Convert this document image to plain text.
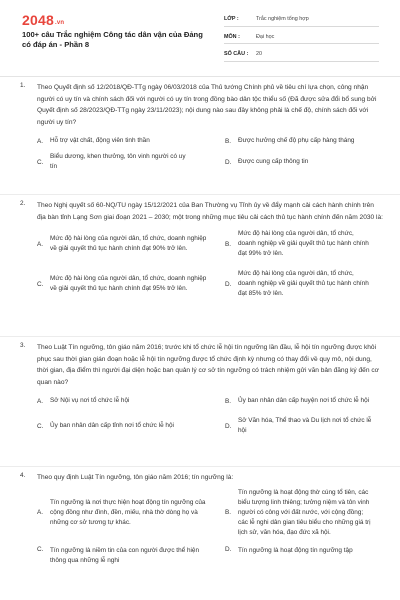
2048.vn
100+ câu Trắc nghiệm Công tác dân vận của Đảng có đáp án - Phần 8
LỚP :	Trắc nghiệm tổng hợp
MÔN :	Đại học
SỐ CÂU :	20
1. Theo Quyết định số 12/2018/QĐ-TTg ngày 06/03/2018 của Thủ tướng Chính phủ về tiêu chí lựa chọn, công nhận người có uy tín và chính sách đối với người có uy tín trong đồng bào dân tộc thiểu số (Đã được sửa đổi bổ sung bởi Quyết định số 28/2023/QĐ-TTg ngày 23/11/2023); nội dung nào sau đây không phải là chế độ, chính sách đối với người uy tín?
A.	Hỗ trợ vật chất, động viên tinh thần	B.	Được hưởng chế độ phụ cấp hàng tháng
C.
Biểu dương, khen thưởng, tôn vinh người có uy tín
D.	Được cung cấp thông tin
2. Theo Nghị quyết số 60-NQ/TU ngày 15/12/2021 của Ban Thường vụ Tỉnh ủy về đẩy mạnh cải cách hành chính trên địa bàn tỉnh Lạng Sơn giai đoạn 2021 – 2030; một trong những mục tiêu cải cách thủ tục hành chính đến năm 2030 là:
A.
Mức độ hài lòng của người dân, tổ chức, doanh nghiệp về giải quyết thủ tục hành chính đạt 90% trở lên.
B.
Mức độ hài lòng của người dân, tổ chức, doanh nghiệp về giải quyết thủ tục hành chính đạt 99% trở lên.
C.
Mức độ hài lòng của người dân, tổ chức, doanh nghiệp về giải quyết thủ tục hành chính đạt 95% trở lên.
D.
Mức độ hài lòng của người dân, tổ chức, doanh nghiệp về giải quyết thủ tục hành chính đạt 85% trở lên.
3. Theo Luật Tín ngưỡng, tôn giáo năm 2016; trước khi tổ chức lễ hội tín ngưỡng lần đầu, lễ hội tín ngưỡng được khôi phục sau thời gian gián đoạn hoặc lễ hội tín ngưỡng được tổ chức định kỳ nhưng có thay đổi về quy mô, nội dung, thời gian, địa điểm thì người đại diện hoặc ban quản lý cơ sở tín ngưỡng có trách nhiệm gửi văn bản đăng ký đến cơ quan nào?
A.	Sở Nội vụ nơi tổ chức lễ hội	B.	Ủy ban nhân dân cấp huyện nơi tổ chức lễ hội
C.	Ủy ban nhân dân cấp tỉnh nơi tổ chức lễ hội	D.
Sở Văn hóa, Thể thao và Du lịch nơi tổ chức lễ hội
4. Theo quy định Luật Tín ngưỡng, tôn giáo năm 2016; tín ngưỡng là:
A.
Tín ngưỡng là nơi thực hiện hoạt động tín ngưỡng của cộng đồng như đình, đền, miếu, nhà thờ dòng họ và những cơ sở tương tự khác.
B.
Tín ngưỡng là hoạt động thờ cúng tổ tiên, các biểu tượng linh thiêng; tưởng niệm và tôn vinh người có công với đất nước, với cộng đồng; các lễ nghi dân gian tiêu biểu cho những giá trị lịch sử, văn hóa, đạo đức xã hội.
C.	Tín ngưỡng là niềm tin của con người được thể hiện thông qua những lễ nghi
D.	Tín ngưỡng là hoạt động tín ngưỡng tập
